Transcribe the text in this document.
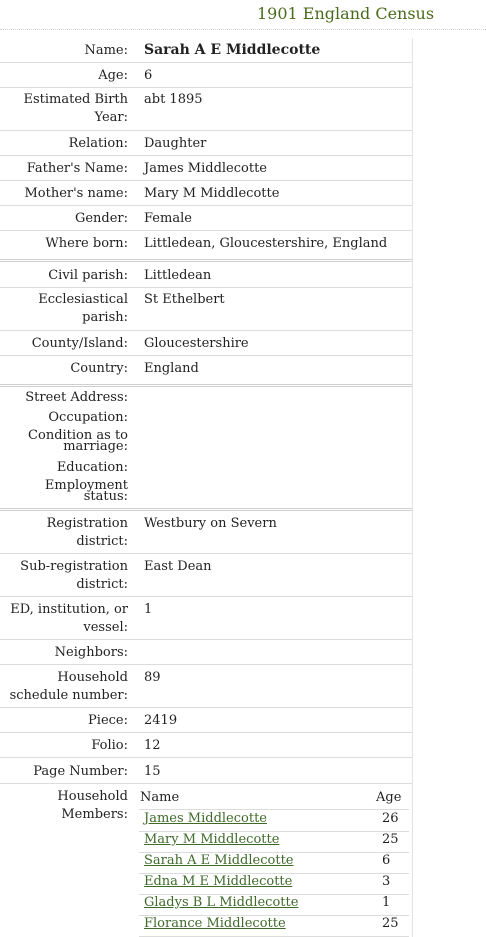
1901 England Census
Name: Sarah A E Middlecotte
Age: 6
Estimated Birth
Year:
abt 1895
Relation: Daughter
Father's Name: James Middlecotte
Mother's name: Mary M Middlecotte
Gender: Female
Where born: Littledean, Gloucestershire, England
Civil parish: Littledean
Ecclesiastical
parish:
St Ethelbert
County/Island: Gloucestershire
Country: England
Street Address:
Occupation:
Condition as to
marriage:
Education:
Employment
status:
Registration
district:
Westbury on Severn
Sub-registration
district:
East Dean
ED, institution, or
vessel:
1
Neighbors:
Household
schedule number:
89
Piece: 2419
Folio: 12
Page Number: 15
Household
Members:
Name	Age
James Middlecotte	26
Mary M Middlecotte	25
Sarah A E Middlecotte	6
Edna M E Middlecotte	3
Gladys B L Middlecotte	1
Florance Middlecotte	25
